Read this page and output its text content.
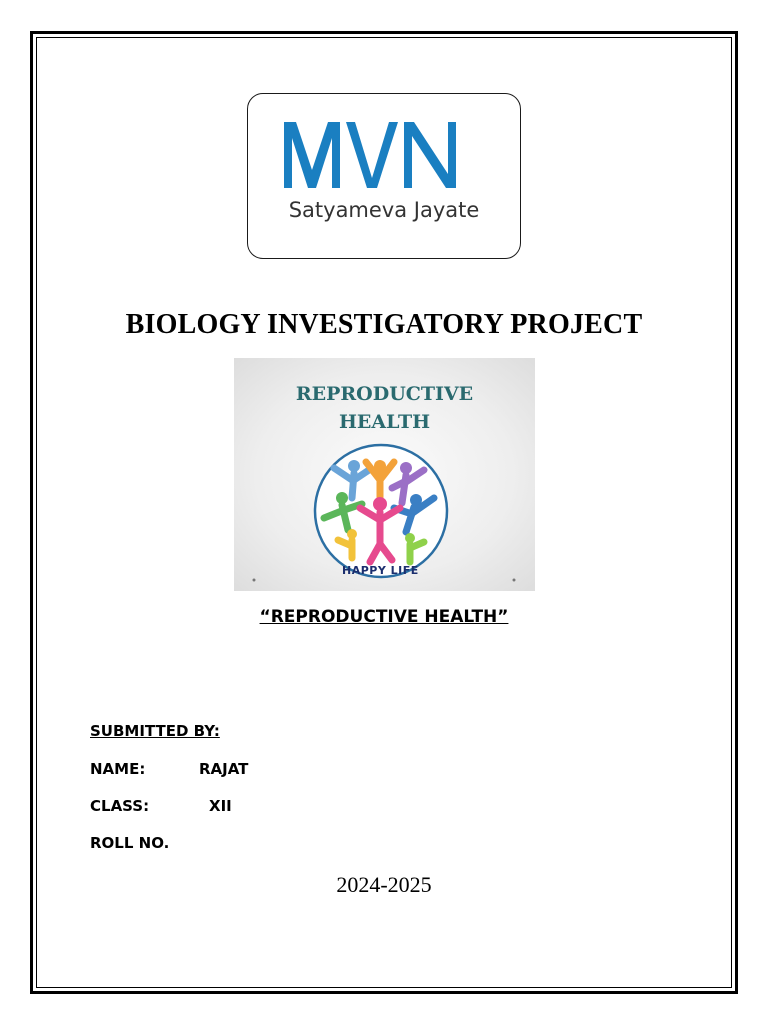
Satyameva Jayate
BIOLOGY INVESTIGATORY PROJECT
REPRODUCTIVE
HEALTH
HAPPY LIFE
“REPRODUCTIVE HEALTH”
SUBMITTED BY:
NAME:	RAJAT
CLASS:	XII
ROLL NO.
2024-2025
